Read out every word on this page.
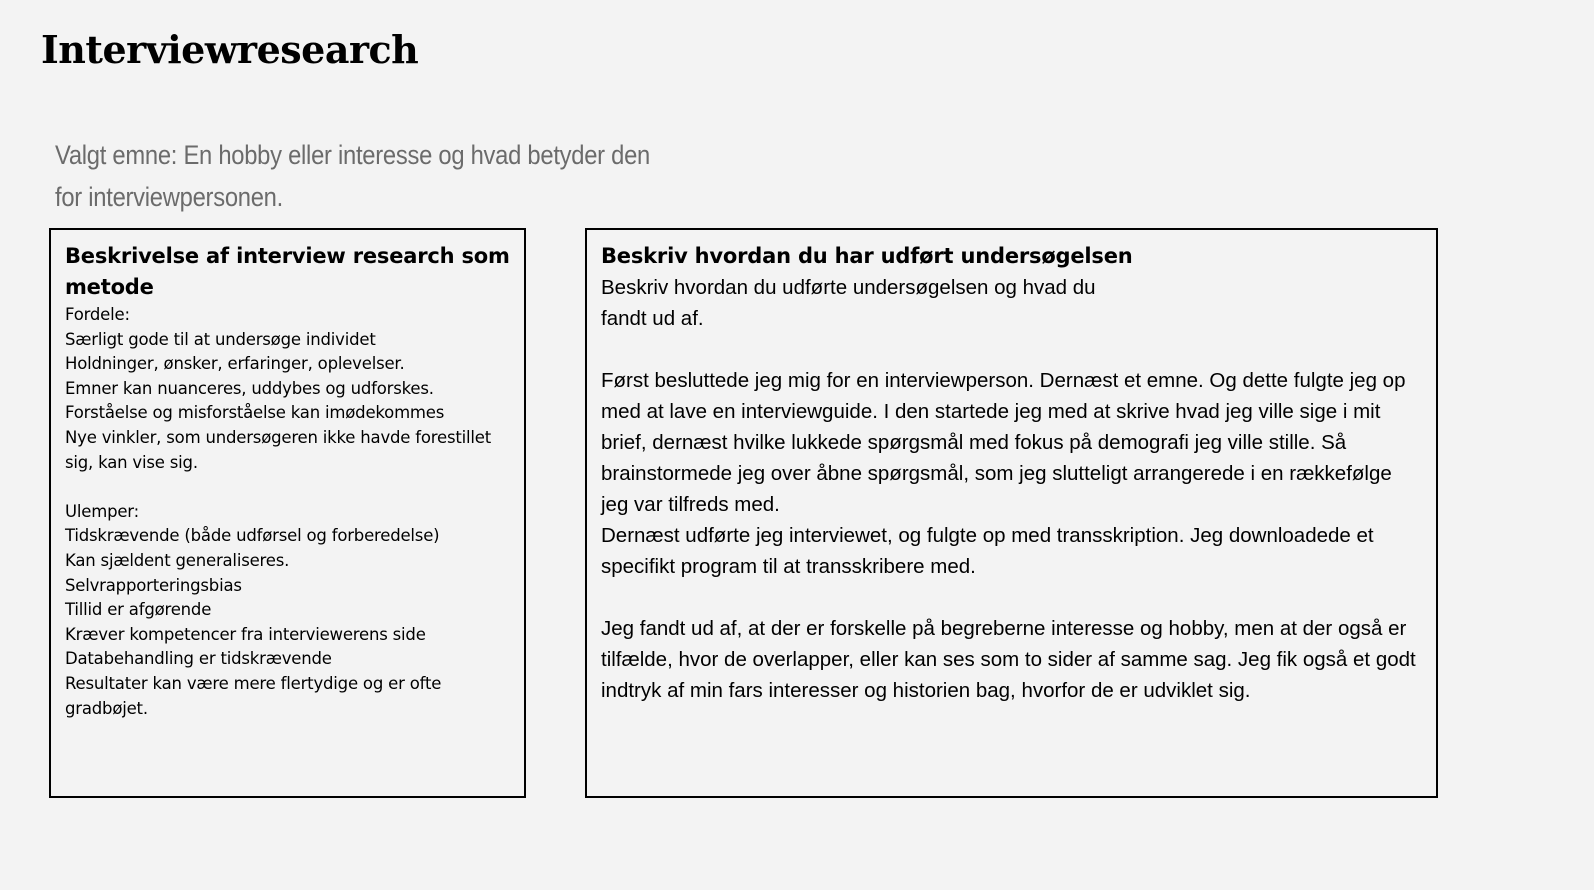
Interviewresearch

Valgt emne: En hobby eller interesse og hvad betyder den for interviewpersonen.

Beskrivelse af interview research som metode

Fordele:

Særligt gode til at undersøge individet

Holdninger, ønsker, erfaringer, oplevelser.

Emner kan nuanceres, uddybes og udforskes.

Forståelse og misforståelse kan imødekommes

Nye vinkler, som undersøgeren ikke havde forestillet sig, kan vise sig.

Ulemper:

Tidskrævende (både udførsel og forberedelse)

Kan sjældent generaliseres.

Selvrapporteringsbias

Tillid er afgørende

Kræver kompetencer fra interviewerens side

Databehandling er tidskrævende

Resultater kan være mere flertydige og er ofte gradbøjet.

Beskriv hvordan du har udført undersøgelsen

Beskriv hvordan du udførte undersøgelsen og hvad du fandt ud af.

Først besluttede jeg mig for en interviewperson. Dernæst et emne. Og dette fulgte jeg op med at lave en interviewguide. I den startede jeg med at skrive hvad jeg ville sige i mit brief, dernæst hvilke lukkede spørgsmål med fokus på demografi jeg ville stille. Så brainstormede jeg over åbne spørgsmål, som jeg slutteligt arrangerede i en rækkefølge jeg var tilfreds med.

Dernæst udførte jeg interviewet, og fulgte op med transskription. Jeg downloadede et specifikt program til at transskribere med.

Jeg fandt ud af, at der er forskelle på begreberne interesse og hobby, men at der også er tilfælde, hvor de overlapper, eller kan ses som to sider af samme sag. Jeg fik også et godt indtryk af min fars interesser og historien bag, hvorfor de er udviklet sig.
